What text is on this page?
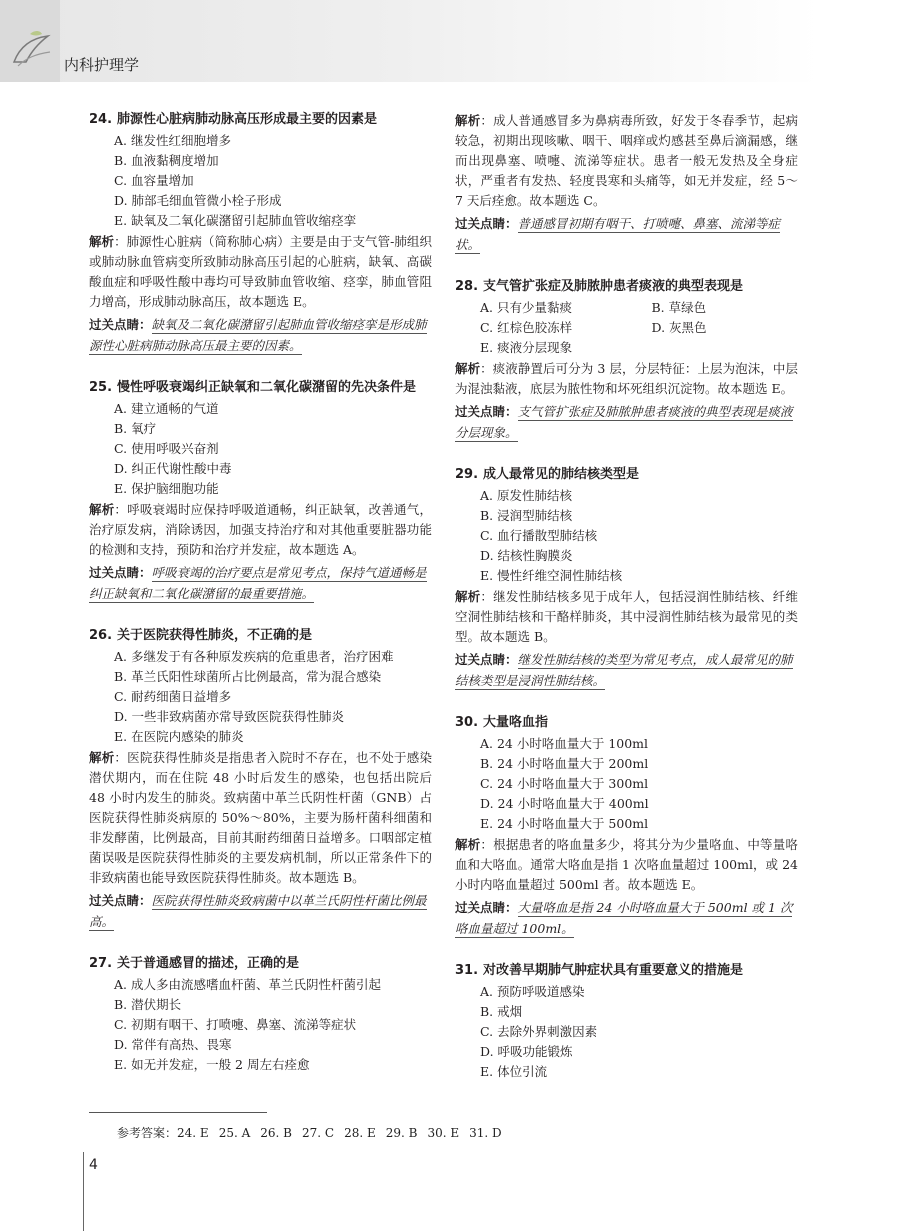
内科护理学
24. 肺源性心脏病肺动脉高压形成最主要的因素是
A. 继发性红细胞增多
B. 血液黏稠度增加
C. 血容量增加
D. 肺部毛细血管微小栓子形成
E. 缺氧及二氧化碳潴留引起肺血管收缩痉挛
解析：肺源性心脏病（简称肺心病）主要是由于支气管-肺组织或肺动脉血管病变所致肺动脉高压引起的心脏病，缺氧、高碳酸血症和呼吸性酸中毒均可导致肺血管收缩、痉挛，肺血管阻力增高，形成肺动脉高压，故本题选 E。
过关点睛：缺氧及二氧化碳潴留引起肺血管收缩痉挛是形成肺源性心脏病肺动脉高压最主要的因素。
25. 慢性呼吸衰竭纠正缺氧和二氧化碳潴留的先决条件是
A. 建立通畅的气道
B. 氧疗
C. 使用呼吸兴奋剂
D. 纠正代谢性酸中毒
E. 保护脑细胞功能
解析：呼吸衰竭时应保持呼吸道通畅，纠正缺氧，改善通气，治疗原发病，消除诱因，加强支持治疗和对其他重要脏器功能的检测和支持，预防和治疗并发症，故本题选 A。
过关点睛：呼吸衰竭的治疗要点是常见考点，保持气道通畅是纠正缺氧和二氧化碳潴留的最重要措施。
26. 关于医院获得性肺炎，不正确的是
A. 多继发于有各种原发疾病的危重患者，治疗困难
B. 革兰氏阳性球菌所占比例最高，常为混合感染
C. 耐药细菌日益增多
D. 一些非致病菌亦常导致医院获得性肺炎
E. 在医院内感染的肺炎
解析：医院获得性肺炎是指患者入院时不存在，也不处于感染潜伏期内，而在住院 48 小时后发生的感染，也包括出院后 48 小时内发生的肺炎。致病菌中革兰氏阴性杆菌（GNB）占医院获得性肺炎病原的 50%～80%，主要为肠杆菌科细菌和非发酵菌，比例最高，目前其耐药细菌日益增多。口咽部定植菌误吸是医院获得性肺炎的主要发病机制，所以正常条件下的非致病菌也能导致医院获得性肺炎。故本题选 B。
过关点睛：医院获得性肺炎致病菌中以革兰氏阴性杆菌比例最高。
27. 关于普通感冒的描述，正确的是
A. 成人多由流感嗜血杆菌、革兰氏阴性杆菌引起
B. 潜伏期长
C. 初期有咽干、打喷嚏、鼻塞、流涕等症状
D. 常伴有高热、畏寒
E. 如无并发症，一般 2 周左右痊愈
解析：成人普通感冒多为鼻病毒所致，好发于冬春季节，起病较急，初期出现咳嗽、咽干、咽痒或灼感甚至鼻后滴漏感，继而出现鼻塞、喷嚏、流涕等症状。患者一般无发热及全身症状，严重者有发热、轻度畏寒和头痛等，如无并发症，经 5～7 天后痊愈。故本题选 C。
过关点睛：普通感冒初期有咽干、打喷嚏、鼻塞、流涕等症状。
28. 支气管扩张症及肺脓肿患者痰液的典型表现是
A. 只有少量黏痰	B. 草绿色
C. 红棕色胶冻样	D. 灰黑色
E. 痰液分层现象
解析：痰液静置后可分为 3 层，分层特征：上层为泡沫，中层为混浊黏液，底层为脓性物和坏死组织沉淀物。故本题选 E。
过关点睛：支气管扩张症及肺脓肿患者痰液的典型表现是痰液分层现象。
29. 成人最常见的肺结核类型是
A. 原发性肺结核
B. 浸润型肺结核
C. 血行播散型肺结核
D. 结核性胸膜炎
E. 慢性纤维空洞性肺结核
解析：继发性肺结核多见于成年人，包括浸润性肺结核、纤维空洞性肺结核和干酪样肺炎，其中浸润性肺结核为最常见的类型。故本题选 B。
过关点睛：继发性肺结核的类型为常见考点，成人最常见的肺结核类型是浸润性肺结核。
30. 大量咯血指
A. 24 小时咯血量大于 100ml
B. 24 小时咯血量大于 200ml
C. 24 小时咯血量大于 300ml
D. 24 小时咯血量大于 400ml
E. 24 小时咯血量大于 500ml
解析：根据患者的咯血量多少，将其分为少量咯血、中等量咯血和大咯血。通常大咯血是指 1 次咯血量超过 100ml，或 24 小时内咯血量超过 500ml 者。故本题选 E。
过关点睛：大量咯血是指 24 小时咯血量大于 500ml 或 1 次咯血量超过 100ml。
31. 对改善早期肺气肿症状具有重要意义的措施是
A. 预防呼吸道感染
B. 戒烟
C. 去除外界刺激因素
D. 呼吸功能锻炼
E. 体位引流
参考答案：24. E 25. A 26. B 27. C 28. E 29. B 30. E 31. D
4
